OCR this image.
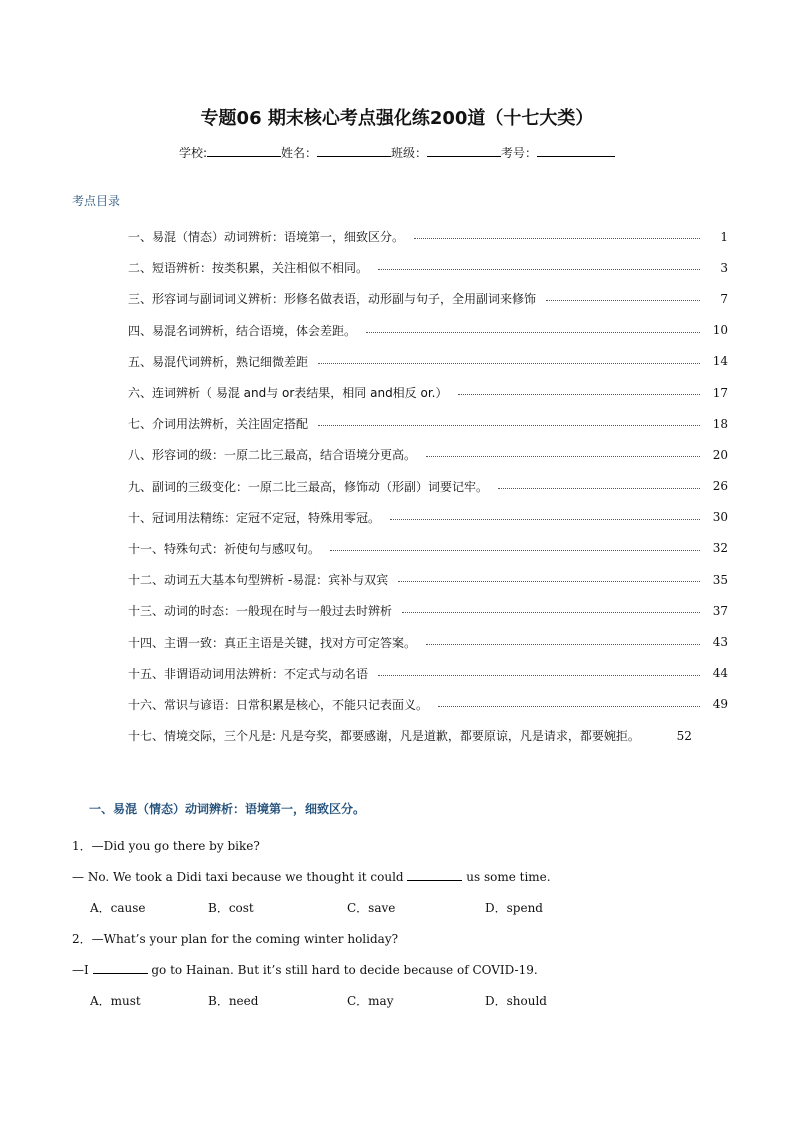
专题06 期末核心考点强化练200道（十七大类）
学校:	姓名：	班级：	考号：
考点目录
一、易混（情态）动词辨析：语境第一，细致区分。	1
二、短语辨析：按类积累，关注相似不相同。	3
三、形容词与副词词义辨析：形修名做表语，动形副与句子，全用副词来修饰	7
四、易混名词辨析，结合语境，体会差距。	10
五、易混代词辨析，熟记细微差距	14
六、连词辨析（ 易混 and与 or表结果，相同 and相反 or.）	17
七、介词用法辨析，关注固定搭配	18
八、形容词的级：一原二比三最高，结合语境分更高。	20
九、副词的三级变化：一原二比三最高，修饰动（形副）词要记牢。	26
十、冠词用法精练：定冠不定冠，特殊用零冠。	30
十一、特殊句式：祈使句与感叹句。	32
十二、动词五大基本句型辨析 -易混：宾补与双宾	35
十三、动词的时态：一般现在时与一般过去时辨析	37
十四、主谓一致：真正主语是关键，找对方可定答案。	43
十五、非谓语动词用法辨析：不定式与动名语	44
十六、常识与谚语：日常积累是核心，不能只记表面义。	49
十七、情境交际，三个凡是: 凡是夸奖，都要感谢，凡是道歉，都要原谅，凡是请求，都要婉拒。	52
一、易混（情态）动词辨析：语境第一，细致区分。
1．—Did you go there by bike?
— No. We took a Didi taxi because we thought it could	us some time.
A．cause	B．cost	C．save	D．spend
2．—What’s your plan for the coming winter holiday?
—I	go to Hainan. But it’s still hard to decide because of COVID-19.
A．must	B．need	C．may	D．should
